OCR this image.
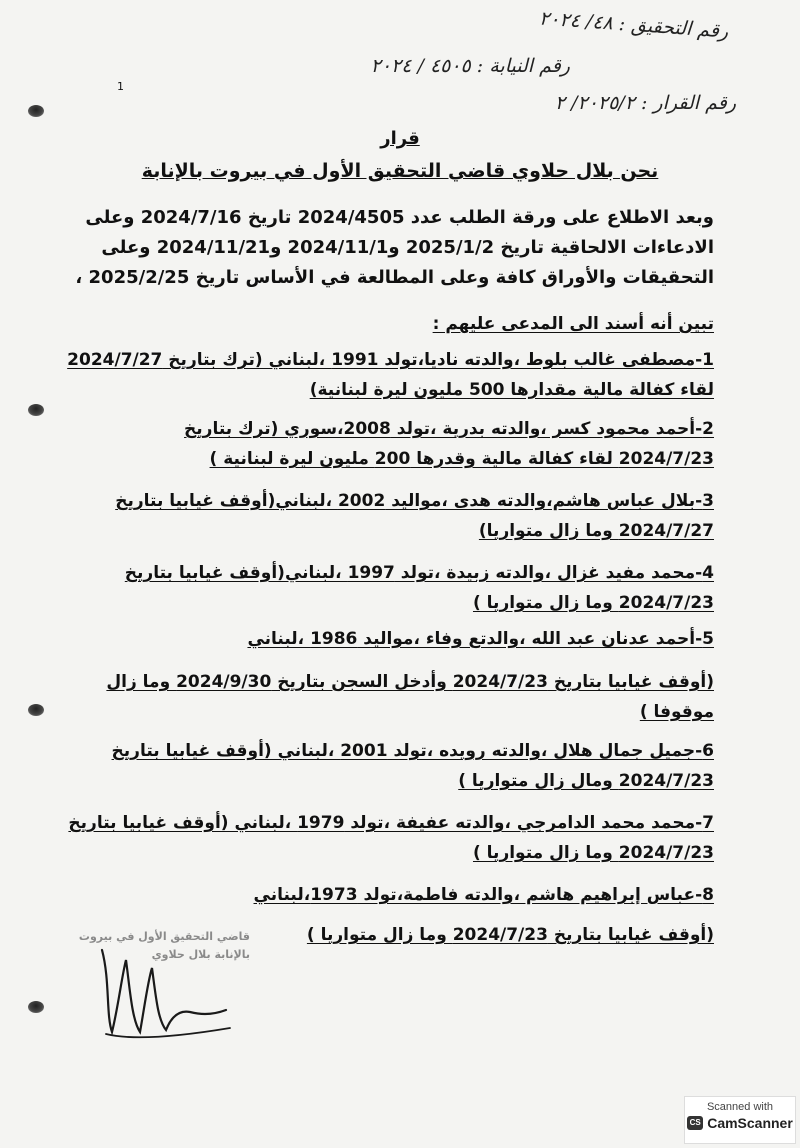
1
رقم التحقيق : ٤٨/ ٢٠٢٤
رقم النيابة : ٤٥٠٥ / ٢٠٢٤
رقم القرار : ٢٠٢٥/٢/ ٢
قرار
نحن بلال حلاوي قاضي التحقيق الأول في بيروت بالإنابة
وبعد الاطلاع على ورقة الطلب عدد 2024/4505 تاريخ 2024/7/16 وعلى
الادعاءات الالحاقية تاريخ 2025/1/2 و2024/11/1 و2024/11/21 وعلى
التحقيقات والأوراق كافة وعلى المطالعة في الأساس تاريخ 2025/2/25 ،
تبين أنه أسند الى المدعى عليهم :
1-مصطفى غالب بلوط ،والدته ناديا،تولد 1991 ،لبناني (ترك بتاريخ 2024/7/27
لقاء كفالة مالية مقدارها 500 مليون ليرة لبنانية)
2-أحمد محمود كسر ،والدته بدرية ،تولد 2008،سوري (ترك بتاريخ
2024/7/23 لقاء كفالة مالية وقدرها 200 مليون ليرة لبنانية )
3-بلال عباس هاشم،والدته هدى ،مواليد 2002 ،لبناني(أوقف غيابيا بتاريخ
2024/7/27 وما زال متواريا)
4-محمد مفيد غزال ،والدته زبيدة ،تولد 1997 ،لبناني(أوقف غيابيا بتاريخ
2024/7/23 وما زال متواريا )
5-أحمد عدنان عبد الله ،والدتع وفاء ،مواليد 1986 ،لبناني
(أوقف غيابيا بتاريخ 2024/7/23 وأدخل السجن بتاريخ 2024/9/30 وما زال
موقوفا )
6-جميل جمال هلال ،والدته رويده ،تولد 2001 ،لبناني (أوقف غيابيا بتاريخ
2024/7/23 ومال زال متواريا )
7-محمد محمد الدامرجي ،والدته عفيفة ،تولد 1979 ،لبناني (أوقف غيابيا بتاريخ
2024/7/23 وما زال متواريا )
8-عباس إبراهيم هاشم ،والدته فاطمة،تولد 1973،لبناني
(أوقف غيابيا بتاريخ 2024/7/23 وما زال متواريا )
قاضي التحقيق الأول في بيروت بالإنابة بلال حلاوي
Scanned with
CS CamScanner
